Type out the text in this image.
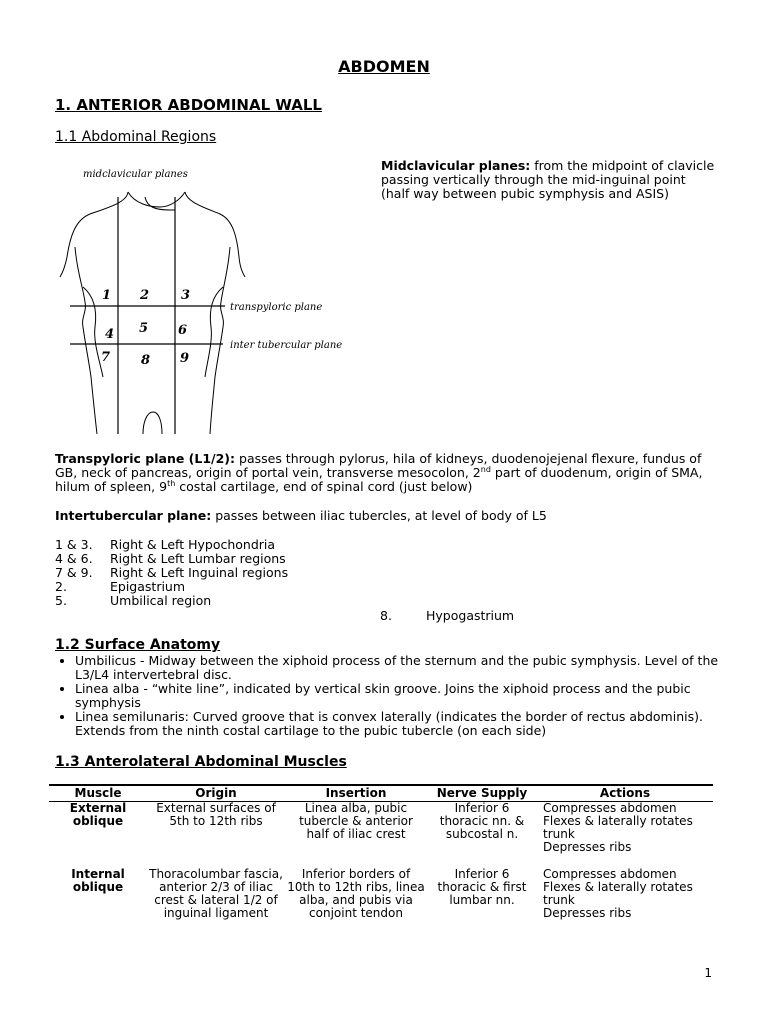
ABDOMEN
1. ANTERIOR ABDOMINAL WALL
1.1 Abdominal Regions
midclavicular planes
transpyloric plane
inter tubercular plane
1 2 3
4 5 6
7 8 9
Midclavicular planes: from the midpoint of clavicle passing vertically through the mid-inguinal point (half way between pubic symphysis and ASIS)
Transpyloric plane (L1/2): passes through pylorus, hila of kidneys, duodenojejenal flexure, fundus of GB, neck of pancreas, origin of portal vein, transverse mesocolon, 2nd part of duodenum, origin of SMA, hilum of spleen, 9th costal cartilage, end of spinal cord (just below)
Intertubercular plane: passes between iliac tubercles, at level of body of L5
1 & 3. Right & Left Hypochondria
4 & 6. Right & Left Lumbar regions
7 & 9. Right & Left Inguinal regions
2.	Epigastrium
5.	Umbilical region
8.	Hypogastrium
1.2 Surface Anatomy
• Umbilicus - Midway between the xiphoid process of the sternum and the pubic symphysis. Level of the L3/L4 intervertebral disc.
• Linea alba - “white line”, indicated by vertical skin groove. Joins the xiphoid process and the pubic symphysis
• Linea semilunaris: Curved groove that is convex laterally (indicates the border of rectus abdominis). Extends from the ninth costal cartilage to the pubic tubercle (on each side)
1.3 Anterolateral Abdominal Muscles
Muscle	Origin	Insertion	Nerve Supply	Actions
External oblique	External surfaces of 5th to 12th ribs	Linea alba, pubic tubercle & anterior half of iliac crest	Inferior 6 thoracic nn. & subcostal n.	Compresses abdomen
Flexes & laterally rotates trunk
Depresses ribs

Internal oblique	Thoracolumbar fascia, anterior 2/3 of iliac crest & lateral 1/2 of inguinal ligament	Inferior borders of 10th to 12th ribs, linea alba, and pubis via conjoint tendon	Inferior 6 thoracic & first lumbar nn.	Compresses abdomen
Flexes & laterally rotates trunk
Depresses ribs
1
